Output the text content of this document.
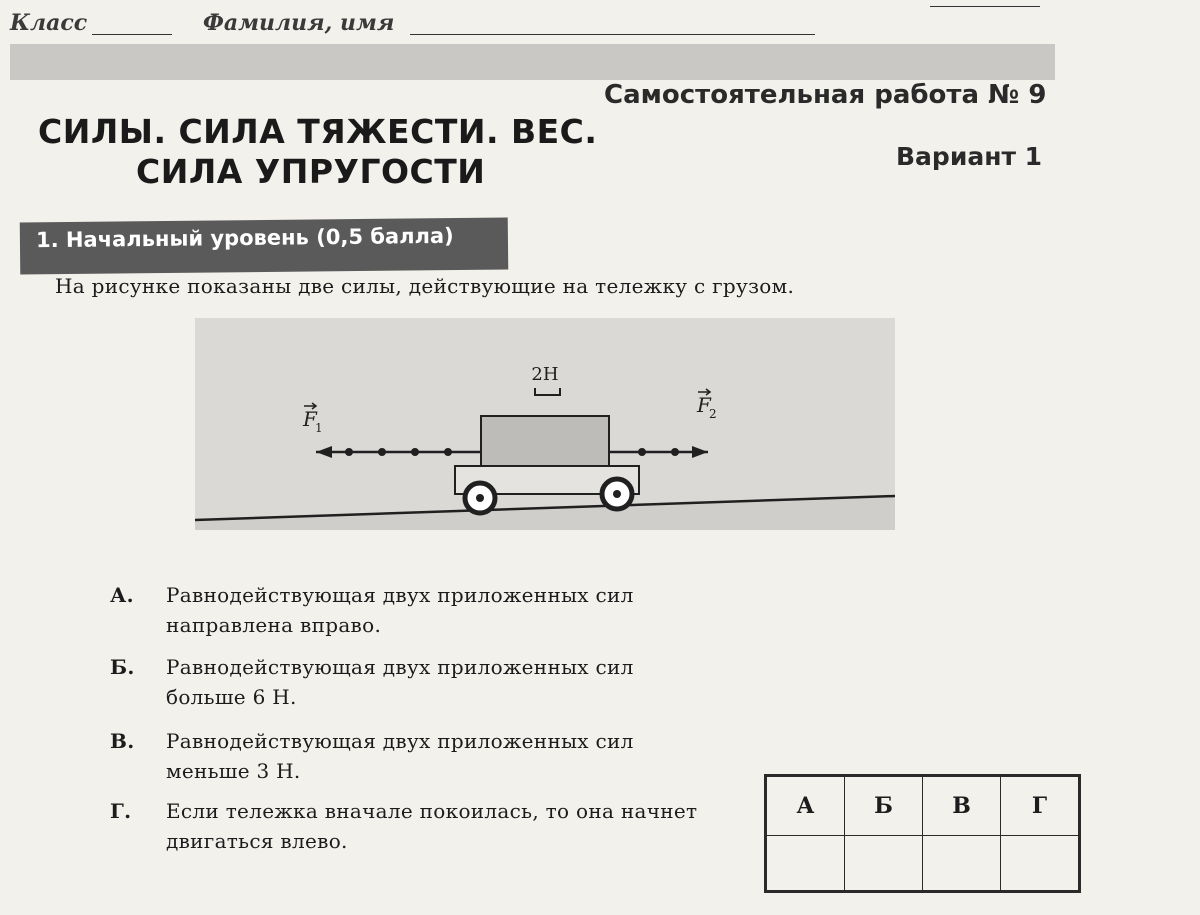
Класс	Фамилия, имя
СИЛЫ. СИЛА ТЯЖЕСТИ. ВЕС.
СИЛА УПРУГОСТИ
Самостоятельная работа № 9
Вариант 1
1. Начальный уровень (0,5 балла)
На рисунке показаны две силы, действующие на тележку с грузом.
2Н
F
1
F
2
А.	Равнодействующая двух приложенных сил направлена вправо.
Б.	Равнодействующая двух приложенных сил больше 6 Н.
В.	Равнодействующая двух приложенных сил меньше 3 Н.
Г.	Если тележка вначале покоилась, то она начнет двигаться влево.
А	Б	В	Г
